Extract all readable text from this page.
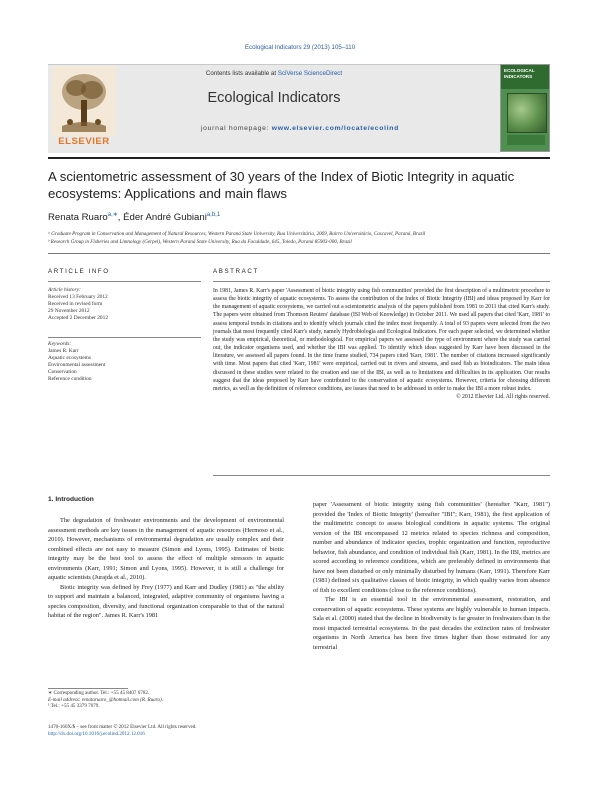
Ecological Indicators 29 (2013) 105–110
Contents lists available at SciVerse ScienceDirect
Ecological Indicators
journal homepage: www.elsevier.com/locate/ecolind
ELSEVIER
ECOLOGICAL INDICATORS
A scientometric assessment of 30 years of the Index of Biotic Integrity in aquatic ecosystems: Applications and main flaws
Renata Ruaro$^{a,∗}$, Éder André Gubiani$^{a,b,1}$
ᵃ Graduate Program in Conservation and Management of Natural Resources, Western Paraná State University, Rua Universitária, 2069, Bairro Universitário, Cascavel, Paraná, Brazil
ᵇ Research Group in Fisheries and Limnology (Gerpel), Western Paraná State University, Rua da Faculdade, 645, Toledo, Paraná 85903-000, Brazil
ARTICLE INFO	ABSTRACT
Article history:
Received 13 February 2012
Received in revised form
29 November 2012
Accepted 2 December 2012
Keywords:
James R. Karr
Aquatic ecosystems
Environmental assessment
Conservation
Reference condition
In 1981, James R. Karr's paper 'Assessment of biotic integrity using fish communities' provided the first description of a multimetric procedure to assess the biotic integrity of aquatic ecosystems. To assess the contribution of the Index of Biotic Integrity (IBI) and ideas proposed by Karr for the management of aquatic ecosystems, we carried out a scientometric analysis of the papers published from 1981 to 2011 that cited Karr's study. The papers were obtained from Thomson Reuters' database (ISI Web of Knowledge) in October 2011. We used all papers that cited 'Karr, 1981' to assess temporal trends in citations and to identify which journals cited the index most frequently. A total of 93 papers were selected from the two journals that most frequently cited Karr's study, namely Hydrobiologia and Ecological Indicators. For each paper selected, we determined whether the study was empirical, theoretical, or methodological. For empirical papers we assessed the type of environment where the study was carried out, the indicator organisms used, and whether the IBI was applied. To identify which ideas suggested by Karr have been discussed in the literature, we assessed all papers found. In the time frame studied, 734 papers cited 'Karr, 1981'. The number of citations increased significantly with time. Most papers that cited 'Karr, 1981' were empirical, carried out in rivers and streams, and used fish as bioindicators. The main ideas discussed in these studies were related to the creation and use of the IBI, as well as to limitations and difficulties in its application. Our results suggest that the ideas proposed by Karr have contributed to the conservation of aquatic ecosystems. However, criteria for choosing different metrics, as well as the definition of reference conditions, are issues that need to be addressed in order to make the IBI a more robust index.
© 2012 Elsevier Ltd. All rights reserved.
1. Introduction

The degradation of freshwater environments and the development of environmental assessment methods are key issues in the management of aquatic resources (Hermoso et al., 2010). However, mechanisms of environmental degradation are usually complex and their combined effects are not easy to measure (Simon and Lyons, 1995). Estimates of biotic integrity may be the best tool to assess the effect of multiple stressors in aquatic environments (Karr, 1991; Simon and Lyons, 1995). However, it is still a challenge for aquatic scientists (Jurajda et al., 2010).

Biotic integrity was defined by Frey (1977) and Karr and Dudley (1981) as "the ability to support and maintain a balanced, integrated, adaptive community of organisms having a species composition, diversity, and functional organization comparable to that of the natural habitat of the region". James R. Karr's 1981

paper 'Assessment of biotic integrity using fish communities' (hereafter "Karr, 1981") provided the 'Index of Biotic Integrity' (hereafter "IBI"; Karr, 1981), the first application of the multimetric concept to assess biological conditions in aquatic systems. The original version of the IBI encompassed 12 metrics related to species richness and composition, number and abundance of indicator species, trophic organization and function, reproductive behavior, fish abundance, and condition of individual fish (Karr, 1981). In the IBI, metrics are scored according to reference conditions, which are preferably defined in environments that have not been disturbed or only minimally disturbed by humans (Karr, 1991). Therefore Karr (1981) defined six qualitative classes of biotic integrity, in which quality varies from absence of fish to excellent conditions (close to the reference conditions).

The IBI is an essential tool in the environmental assessment, restoration, and conservation of aquatic ecosystems. These systems are highly vulnerable to human impacts. Sala et al. (2000) stated that the decline in biodiversity is far greater in freshwaters than in the most impacted terrestrial ecosystems. In the past decades the extinction rates of freshwater organisms in North America has been five times higher than those estimated for any terrestrial

∗ Corresponding author. Tel.: +55 45 8407 6782.
E-mail address: renataruaro_@hotmail.com (R. Ruaro).
¹ Tel.: +55 45 3379 7079.
1470-160X/$ – see front matter © 2012 Elsevier Ltd. All rights reserved.
http://dx.doi.org/10.1016/j.ecolind.2012.12.016
